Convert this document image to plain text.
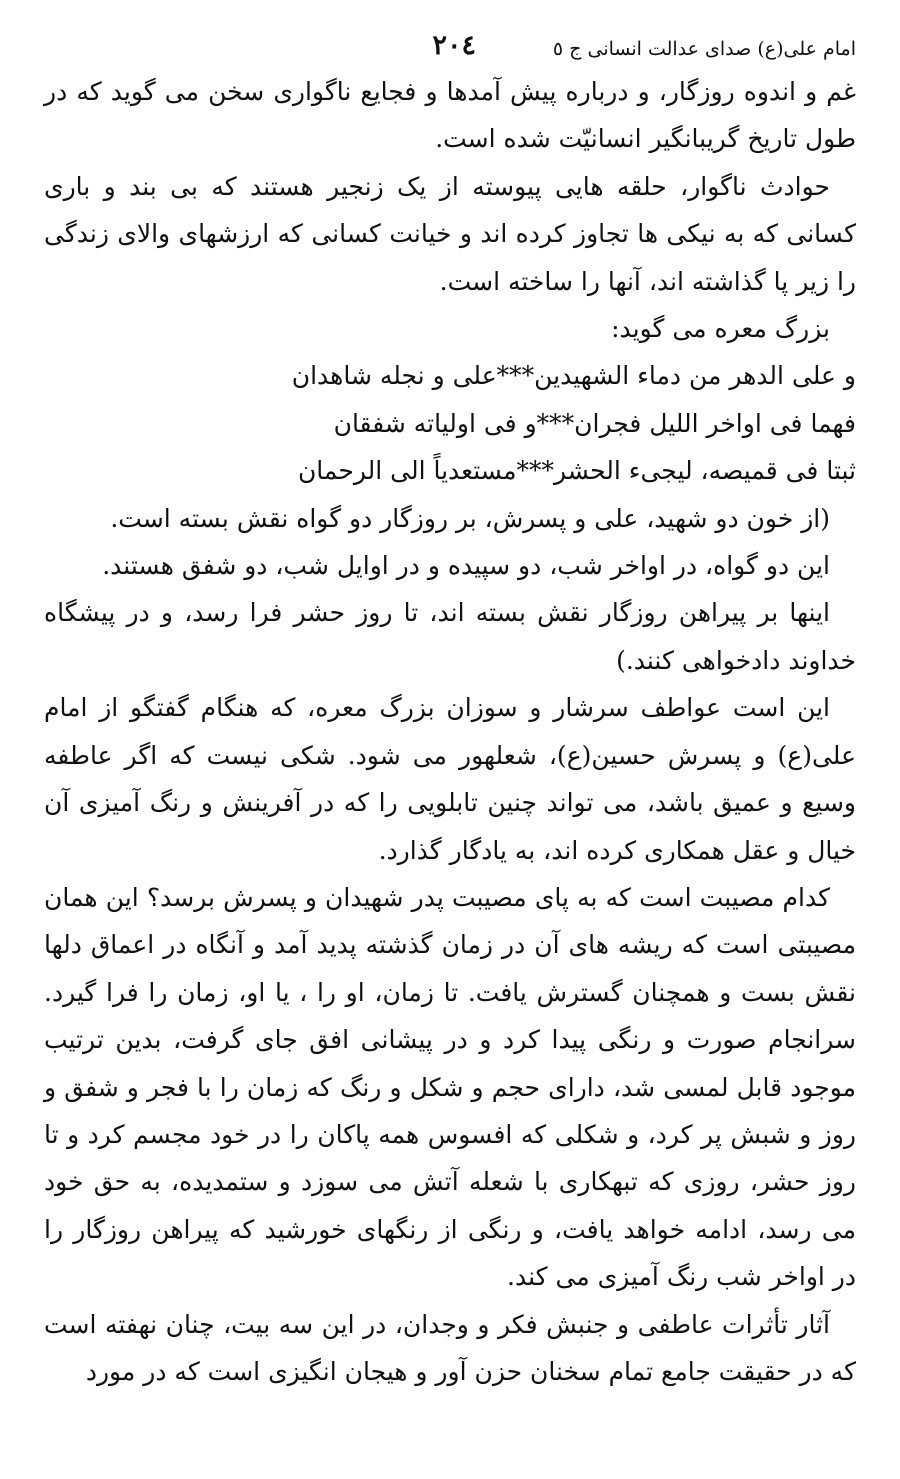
امام علی(ع) صدای عدالت انسانی ج ٥
٢٠٤

غم و اندوه روزگار، و درباره پیش آمدها و فجایع ناگواری سخن می گوید که در طول تاریخ گریبانگیر انسانیّت شده است.

حوادث ناگوار، حلقه هایی پیوسته از یک زنجیر هستند که بی بند و باری کسانی که به نیکی ها تجاوز کرده اند و خیانت کسانی که ارزشهای والای زندگی را زیر پا گذاشته اند، آنها را ساخته است.

بزرگ معره می گوید:

و علی الدهر من دماء الشهیدین***علی و نجله شاهدان

فهما فی اواخر اللیل فجران***و فی اولیاته شفقان

ثبتا فی قمیصه، لیجیء الحشر***مستعدیاً الی الرحمان

(از خون دو شهید، علی و پسرش، بر روزگار دو گواه نقش بسته است.

این دو گواه، در اواخر شب، دو سپیده و در اوایل شب، دو شفق هستند.

اینها بر پیراهن روزگار نقش بسته اند، تا روز حشر فرا رسد، و در پیشگاه خداوند دادخواهی کنند.)

این است عواطف سرشار و سوزان بزرگ معره، که هنگام گفتگو از امام علی(ع) و پسرش حسین(ع)، شعلهور می شود. شکی نیست که اگر عاطفه وسیع و عمیق باشد، می تواند چنین تابلویی را که در آفرینش و رنگ آمیزی آن خیال و عقل همکاری کرده اند، به یادگار گذارد.

کدام مصیبت است که به پای مصیبت پدر شهیدان و پسرش برسد؟ این همان مصیبتی است که ریشه های آن در زمان گذشته پدید آمد و آنگاه در اعماق دلها نقش بست و همچنان گسترش یافت. تا زمان، او را ، یا او، زمان را فرا گیرد. سرانجام صورت و رنگی پیدا کرد و در پیشانی افق جای گرفت، بدین ترتیب موجود قابل لمسی شد، دارای حجم و شکل و رنگ که زمان را با فجر و شفق و روز و شبش پر کرد، و شکلی که افسوس همه پاکان را در خود مجسم کرد و تا روز حشر، روزی که تبهکاری با شعله آتش می سوزد و ستمدیده، به حق خود می رسد، ادامه خواهد یافت، و رنگی از رنگهای خورشید که پیراهن روزگار را در اواخر شب رنگ آمیزی می کند.

آثار تأثرات عاطفی و جنبش فکر و وجدان، در این سه بیت، چنان نهفته است که در حقیقت جامع تمام سخنان حزن آور و هیجان انگیزی است که در مورد
